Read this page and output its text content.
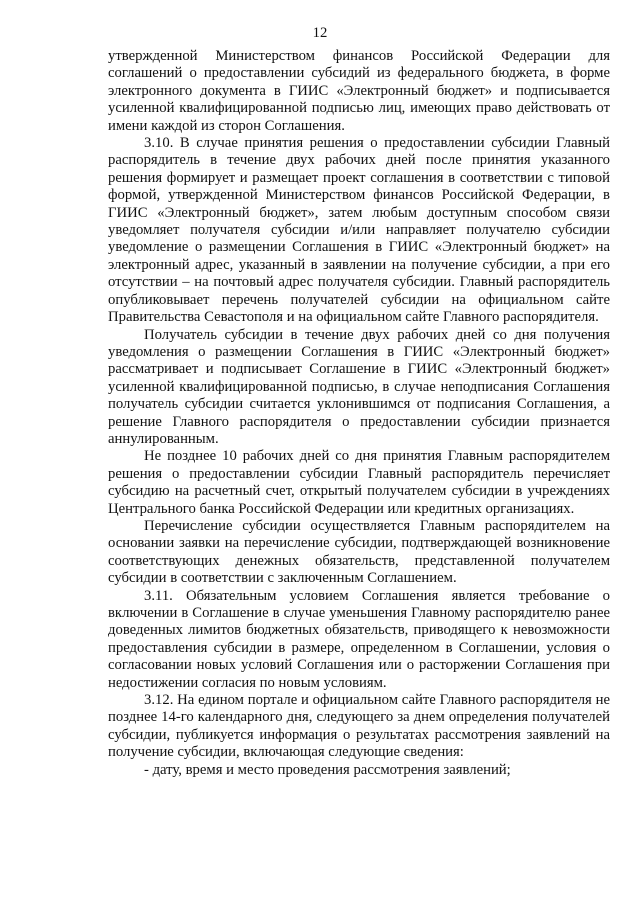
12

утвержденной Министерством финансов Российской Федерации для соглашений о предоставлении субсидий из федерального бюджета, в форме электронного документа в ГИИС «Электронный бюджет» и подписывается усиленной квалифицированной подписью лиц, имеющих право действовать от имени каждой из сторон Соглашения.

3.10. В случае принятия решения о предоставлении субсидии Главный распорядитель в течение двух рабочих дней после принятия указанного решения формирует и размещает проект соглашения в соответствии с типовой формой, утвержденной Министерством финансов Российской Федерации, в ГИИС «Электронный бюджет», затем любым доступным способом связи уведомляет получателя субсидии и/или направляет получателю субсидии уведомление о размещении Соглашения в ГИИС «Электронный бюджет» на электронный адрес, указанный в заявлении на получение субсидии, а при его отсутствии – на почтовый адрес получателя субсидии. Главный распорядитель опубликовывает перечень получателей субсидии на официальном сайте Правительства Севастополя и на официальном сайте Главного распорядителя.

Получатель субсидии в течение двух рабочих дней со дня получения уведомления о размещении Соглашения в ГИИС «Электронный бюджет» рассматривает и подписывает Соглашение в ГИИС «Электронный бюджет» усиленной квалифицированной подписью, в случае неподписания Соглашения получатель субсидии считается уклонившимся от подписания Соглашения, а решение Главного распорядителя о предоставлении субсидии признается аннулированным.

Не позднее 10 рабочих дней со дня принятия Главным распорядителем решения о предоставлении субсидии Главный распорядитель перечисляет субсидию на расчетный счет, открытый получателем субсидии в учреждениях Центрального банка Российской Федерации или кредитных организациях.

Перечисление субсидии осуществляется Главным распорядителем на основании заявки на перечисление субсидии, подтверждающей возникновение соответствующих денежных обязательств, представленной получателем субсидии в соответствии с заключенным Соглашением.

3.11. Обязательным условием Соглашения является требование о включении в Соглашение в случае уменьшения Главному распорядителю ранее доведенных лимитов бюджетных обязательств, приводящего к невозможности предоставления субсидии в размере, определенном в Соглашении, условия о согласовании новых условий Соглашения или о расторжении Соглашения при недостижении согласия по новым условиям.

3.12. На едином портале и официальном сайте Главного распорядителя не позднее 14-го календарного дня, следующего за днем определения получателей субсидии, публикуется информация о результатах рассмотрения заявлений на получение субсидии, включающая следующие сведения:

- дату, время и место проведения рассмотрения заявлений;
